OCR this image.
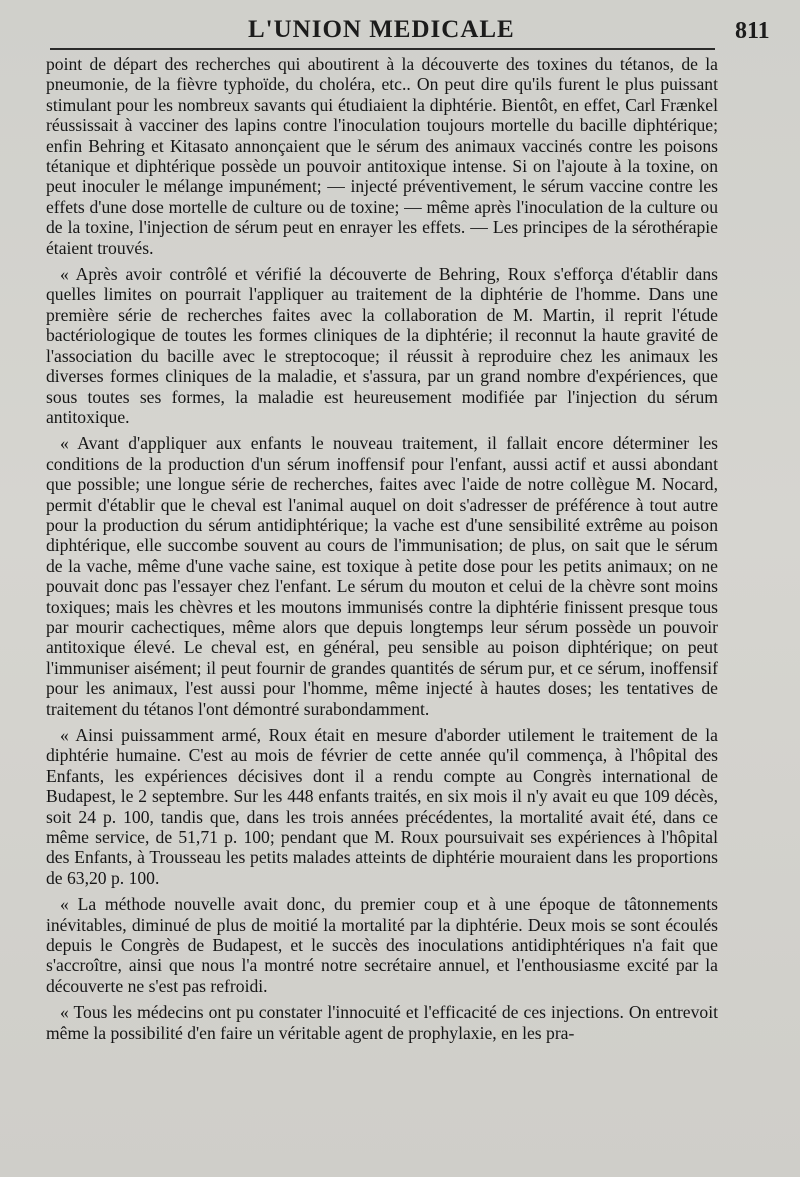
L'UNION MEDICALE	811

point de départ des recherches qui aboutirent à la découverte des toxines du tétanos, de la pneumonie, de la fièvre typhoïde, du choléra, etc.. On peut dire qu'ils furent le plus puissant stimulant pour les nombreux savants qui étudiaient la diphtérie. Bientôt, en effet, Carl Frænkel réussissait à vacciner des lapins contre l'inoculation toujours mortelle du bacille diphtérique; enfin Behring et Kitasato annonçaient que le sérum des animaux vaccinés contre les poisons tétanique et diphtérique possède un pouvoir antitoxique intense. Si on l'ajoute à la toxine, on peut inoculer le mélange impunément; — injecté préventivement, le sérum vaccine contre les effets d'une dose mortelle de culture ou de toxine; — même après l'inoculation de la culture ou de la toxine, l'injection de sérum peut en enrayer les effets. — Les principes de la sérothérapie étaient trouvés.

« Après avoir contrôlé et vérifié la découverte de Behring, Roux s'efforça d'établir dans quelles limites on pourrait l'appliquer au traitement de la diphtérie de l'homme. Dans une première série de recherches faites avec la collaboration de M. Martin, il reprit l'étude bactériologique de toutes les formes cliniques de la diphtérie; il reconnut la haute gravité de l'association du bacille avec le streptocoque; il réussit à reproduire chez les animaux les diverses formes cliniques de la maladie, et s'assura, par un grand nombre d'expériences, que sous toutes ses formes, la maladie est heureusement modifiée par l'injection du sérum antitoxique.

« Avant d'appliquer aux enfants le nouveau traitement, il fallait encore déterminer les conditions de la production d'un sérum inoffensif pour l'enfant, aussi actif et aussi abondant que possible; une longue série de recherches, faites avec l'aide de notre collègue M. Nocard, permit d'établir que le cheval est l'animal auquel on doit s'adresser de préférence à tout autre pour la production du sérum antidiphtérique; la vache est d'une sensibilité extrême au poison diphtérique, elle succombe souvent au cours de l'immunisation; de plus, on sait que le sérum de la vache, même d'une vache saine, est toxique à petite dose pour les petits animaux; on ne pouvait donc pas l'essayer chez l'enfant. Le sérum du mouton et celui de la chèvre sont moins toxiques; mais les chèvres et les moutons immunisés contre la diphtérie finissent presque tous par mourir cachectiques, même alors que depuis longtemps leur sérum possède un pouvoir antitoxique élevé. Le cheval est, en général, peu sensible au poison diphtérique; on peut l'immuniser aisément; il peut fournir de grandes quantités de sérum pur, et ce sérum, inoffensif pour les animaux, l'est aussi pour l'homme, même injecté à hautes doses; les tentatives de traitement du tétanos l'ont démontré surabondamment.

« Ainsi puissamment armé, Roux était en mesure d'aborder utilement le traitement de la diphtérie humaine. C'est au mois de février de cette année qu'il commença, à l'hôpital des Enfants, les expériences décisives dont il a rendu compte au Congrès international de Budapest, le 2 septembre. Sur les 448 enfants traités, en six mois il n'y avait eu que 109 décès, soit 24 p. 100, tandis que, dans les trois années précédentes, la mortalité avait été, dans ce même service, de 51,71 p. 100; pendant que M. Roux poursuivait ses expériences à l'hôpital des Enfants, à Trousseau les petits malades atteints de diphtérie mouraient dans les proportions de 63,20 p. 100.

« La méthode nouvelle avait donc, du premier coup et à une époque de tâtonnements inévitables, diminué de plus de moitié la mortalité par la diphtérie. Deux mois se sont écoulés depuis le Congrès de Budapest, et le succès des inoculations antidiphtériques n'a fait que s'accroître, ainsi que nous l'a montré notre secrétaire annuel, et l'enthousiasme excité par la découverte ne s'est pas refroidi.

« Tous les médecins ont pu constater l'innocuité et l'efficacité de ces injections. On entrevoit même la possibilité d'en faire un véritable agent de prophylaxie, en les pra-
